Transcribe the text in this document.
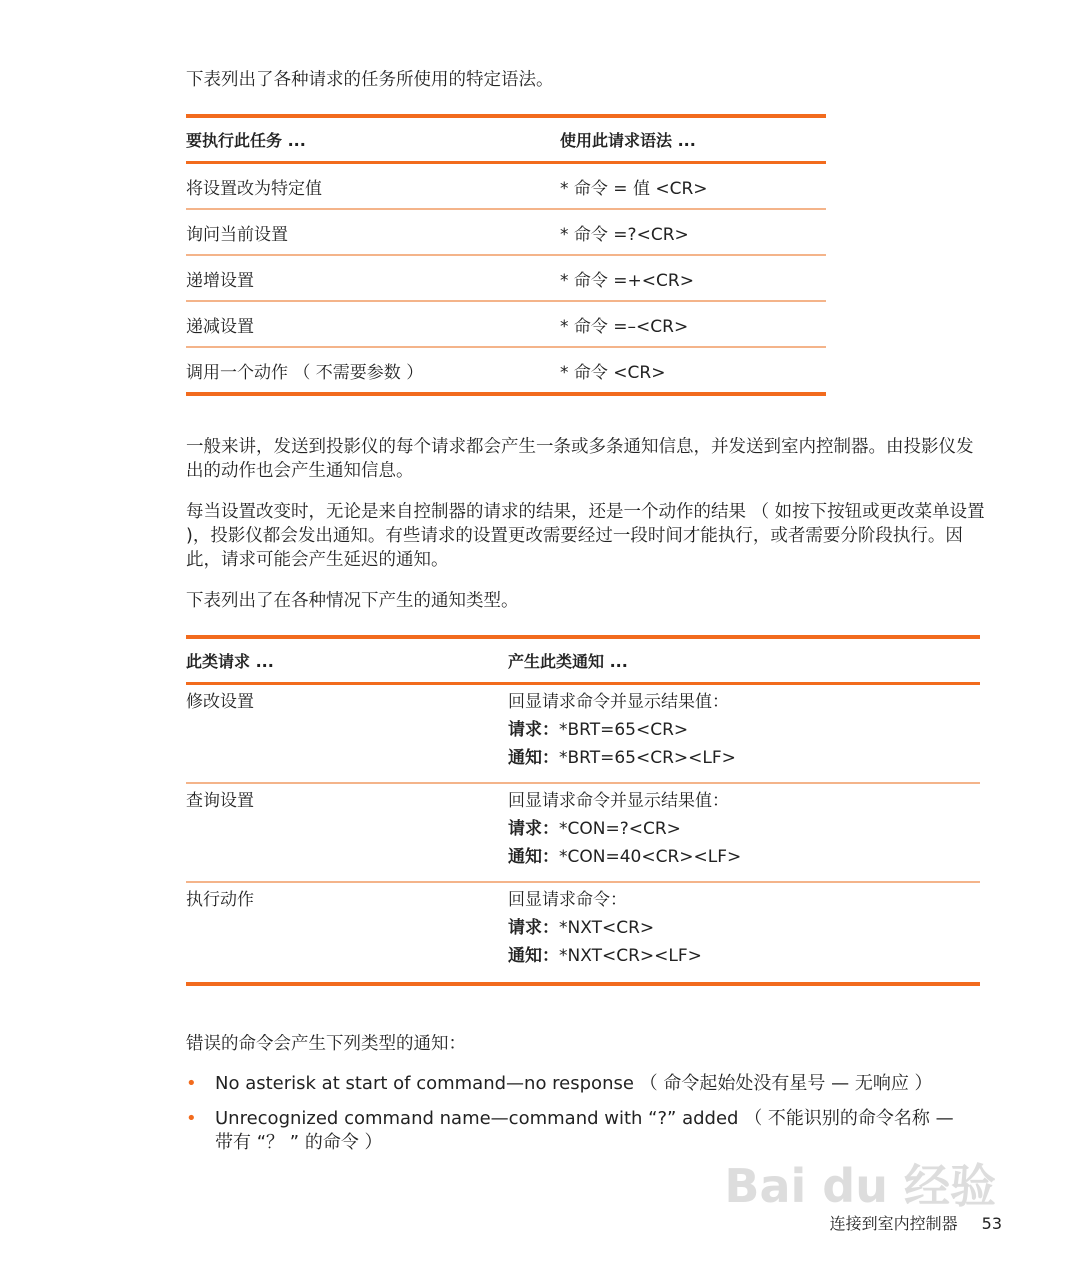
下表列出了各种请求的任务所使用的特定语法。

要执行此任务 ...	使用此请求语法 ...
将设置改为特定值	* 命令 = 值 <CR>
询问当前设置	* 命令 =?<CR>
递增设置	* 命令 =+<CR>
递减设置	* 命令 =–<CR>
调用一个动作 （ 不需要参数 ）	* 命令 <CR>

一般来讲，发送到投影仪的每个请求都会产生一条或多条通知信息，并发送到室内控制器。由投影仪发出的动作也会产生通知信息。

每当设置改变时，无论是来自控制器的请求的结果，还是一个动作的结果 （ 如按下按钮或更改菜单设置 )，投影仪都会发出通知。有些请求的设置更改需要经过一段时间才能执行，或者需要分阶段执行。因此，请求可能会产生延迟的通知。

下表列出了在各种情况下产生的通知类型。

此类请求 ...	产生此类通知 ...
修改设置	回显请求命令并显示结果值：
请求：*BRT=65<CR>
通知：*BRT=65<CR><LF>
查询设置	回显请求命令并显示结果值：
请求：*CON=?<CR>
通知：*CON=40<CR><LF>
执行动作	回显请求命令：
请求：*NXT<CR>
通知：*NXT<CR><LF>

错误的命令会产生下列类型的通知：

• No asterisk at start of command—no response （ 命令起始处没有星号 — 无响应 ）
• Unrecognized command name—command with “?” added （ 不能识别的命令名称 — 带有 “？ ” 的命令 ）
Bai du 经验
连接到室内控制器 53
